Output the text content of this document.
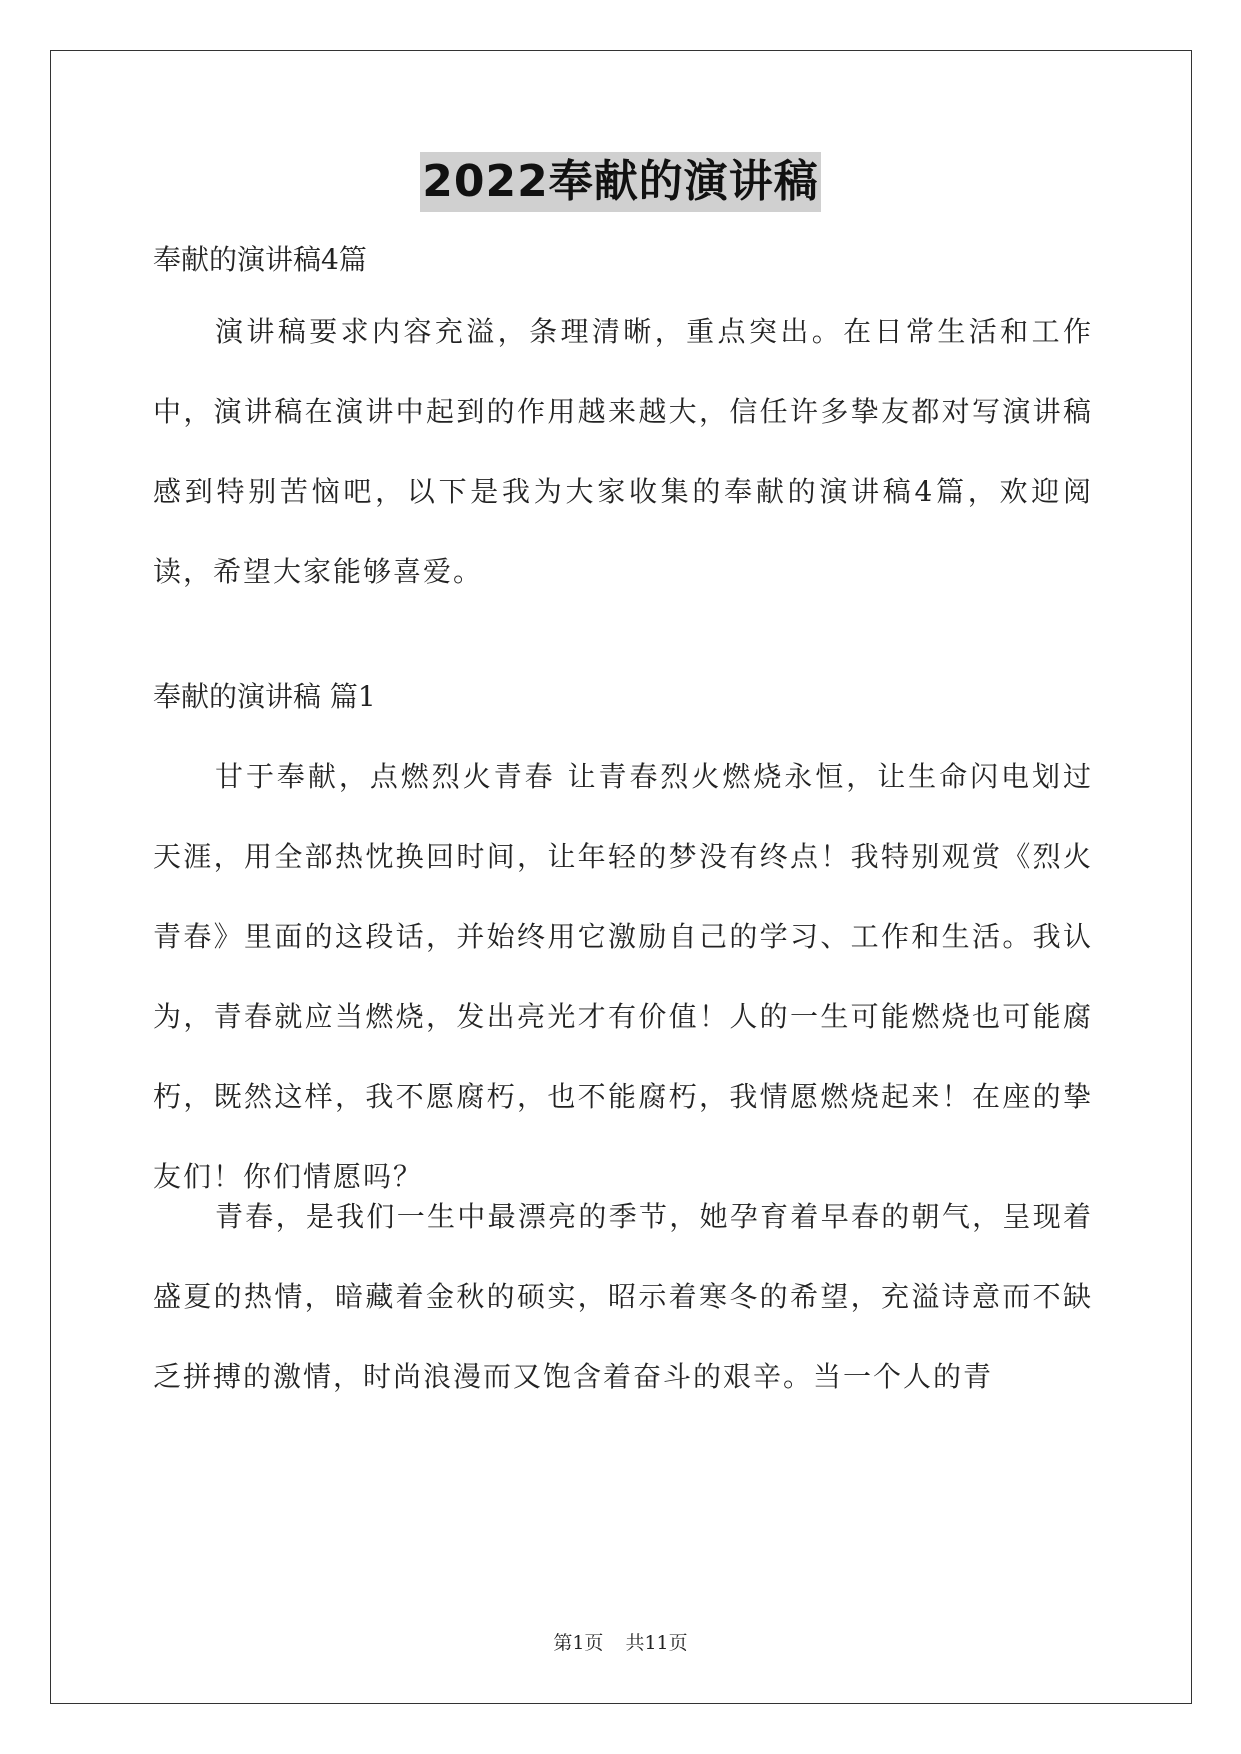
2022奉献的演讲稿

奉献的演讲稿4篇

演讲稿要求内容充溢，条理清晰，重点突出。在日常生活和工作中，演讲稿在演讲中起到的作用越来越大，信任许多挚友都对写演讲稿感到特别苦恼吧，以下是我为大家收集的奉献的演讲稿4篇，欢迎阅读，希望大家能够喜爱。

奉献的演讲稿 篇1

甘于奉献，点燃烈火青春 让青春烈火燃烧永恒，让生命闪电划过天涯，用全部热忱换回时间，让年轻的梦没有终点！我特别观赏《烈火青春》里面的这段话，并始终用它激励自己的学习、工作和生活。我认为，青春就应当燃烧，发出亮光才有价值！人的一生可能燃烧也可能腐朽，既然这样，我不愿腐朽，也不能腐朽，我情愿燃烧起来！在座的挚友们！你们情愿吗？

青春，是我们一生中最漂亮的季节，她孕育着早春的朝气，呈现着盛夏的热情，暗藏着金秋的硕实，昭示着寒冬的希望，充溢诗意而不缺乏拼搏的激情，时尚浪漫而又饱含着奋斗的艰辛。当一个人的青

第1页 共11页
